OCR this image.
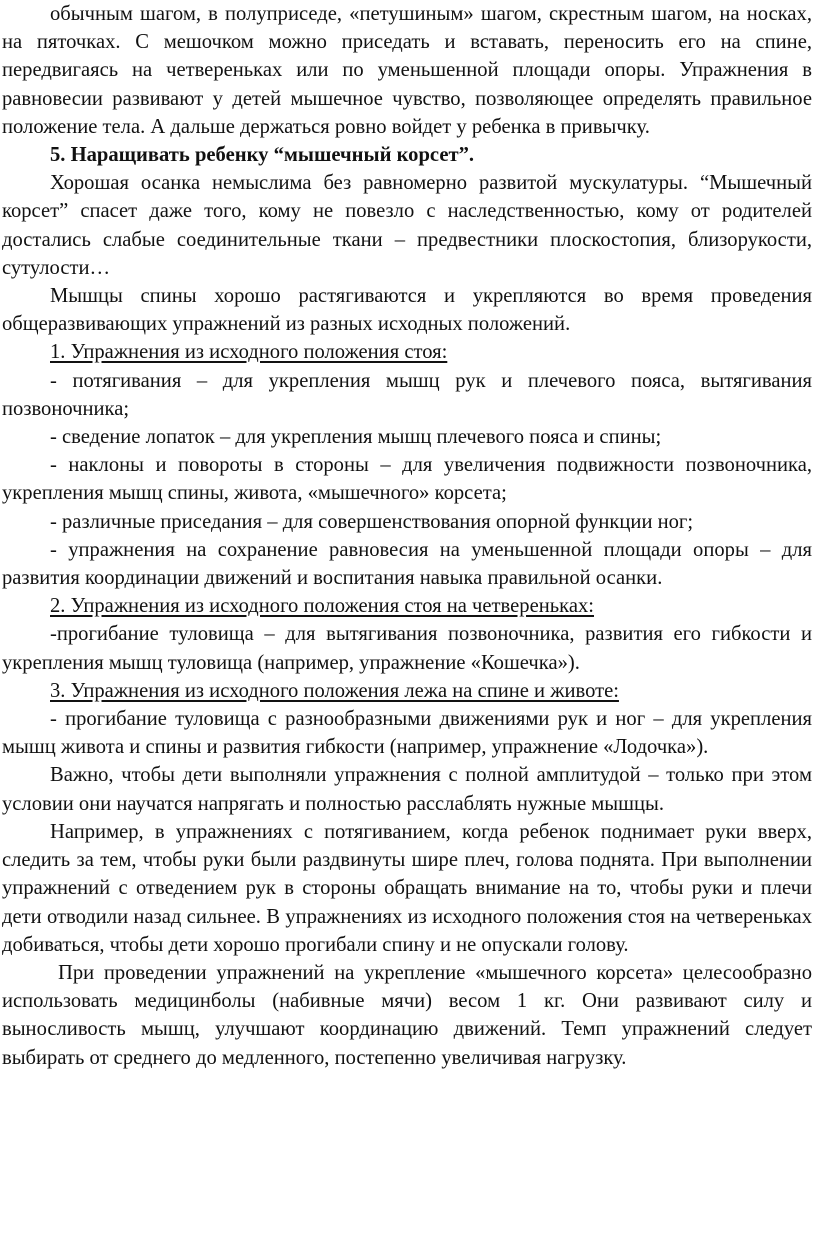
обычным шагом, в полуприседе, «петушиным» шагом, скрестным шагом, на носках, на пяточках. С мешочком можно приседать и вставать, переносить его на спине, передвигаясь на четвереньках или по уменьшенной площади опоры. Упражнения в равновесии развивают у детей мышечное чувство, позволяющее определять правильное положение тела. А дальше держаться ровно войдет у ребенка в привычку.

5. Наращивать ребенку “мышечный корсет”.

Хорошая осанка немыслима без равномерно развитой мускулатуры. “Мышечный корсет” спасет даже того, кому не повезло с наследственностью, кому от родителей достались слабые соединительные ткани – предвестники плоскостопия, близорукости, сутулости…

Мышцы спины хорошо растягиваются и укрепляются во время проведения общеразвивающих упражнений из разных исходных положений.

1. Упражнения из исходного положения стоя:

- потягивания – для укрепления мышц рук и плечевого пояса, вытягивания позвоночника;

- сведение лопаток – для укрепления мышц плечевого пояса и спины;

- наклоны и повороты в стороны – для увеличения подвижности позвоночника, укрепления мышц спины, живота, «мышечного» корсета;

- различные приседания – для совершенствования опорной функции ног;

- упражнения на сохранение равновесия на уменьшенной площади опоры – для развития координации движений и воспитания навыка правильной осанки.

2. Упражнения из исходного положения стоя на четвереньках:

-прогибание туловища – для вытягивания позвоночника, развития его гибкости и укрепления мышц туловища (например, упражнение «Кошечка»).

3. Упражнения из исходного положения лежа на спине и животе:

- прогибание туловища с разнообразными движениями рук и ног – для укрепления мышц живота и спины и развития гибкости (например, упражнение «Лодочка»).

Важно, чтобы дети выполняли упражнения с полной амплитудой – только при этом условии они научатся напрягать и полностью расслаблять нужные мышцы.

Например, в упражнениях с потягиванием, когда ребенок поднимает руки вверх, следить за тем, чтобы руки были раздвинуты шире плеч, голова поднята. При выполнении упражнений с отведением рук в стороны обращать внимание на то, чтобы руки и плечи дети отводили назад сильнее. В упражнениях из исходного положения стоя на четвереньках добиваться, чтобы дети хорошо прогибали спину и не опускали голову.

При проведении упражнений на укрепление «мышечного корсета» целесообразно использовать медицинболы (набивные мячи) весом 1 кг. Они развивают силу и выносливость мышц, улучшают координацию движений. Темп упражнений следует выбирать от среднего до медленного, постепенно увеличивая нагрузку.
